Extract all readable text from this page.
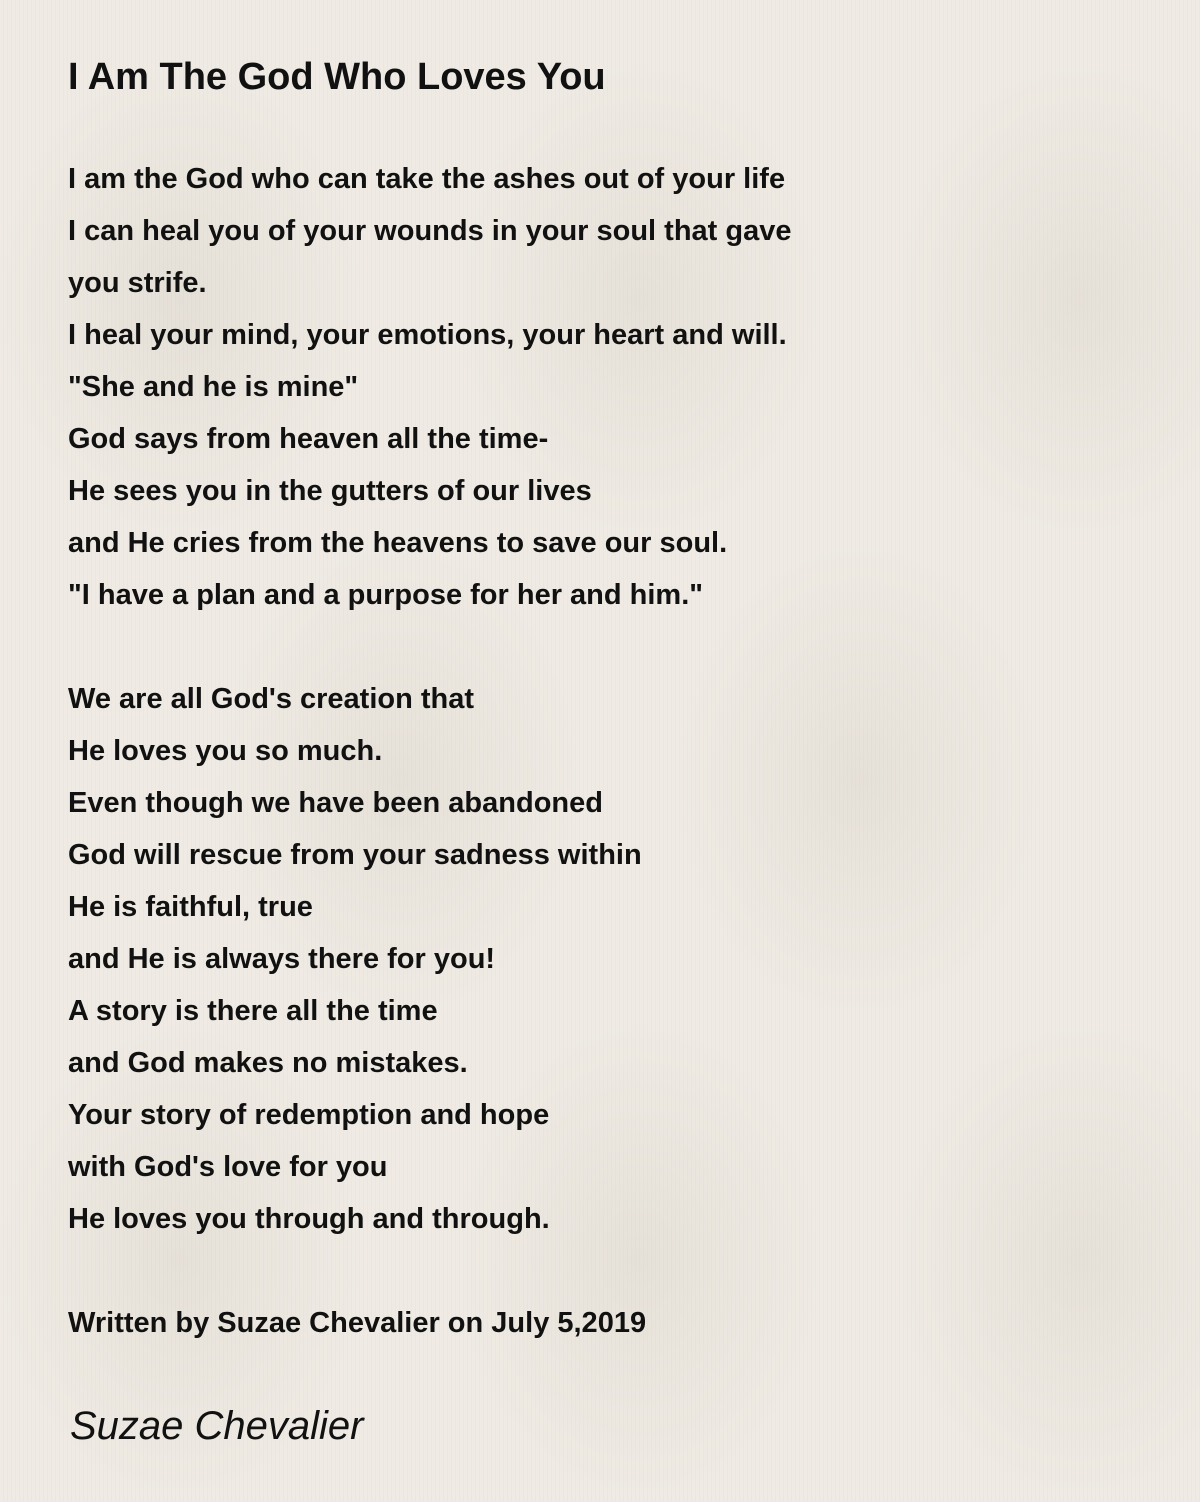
I Am The God Who Loves You
I am the God who can take the ashes out of your life
I can heal you of your wounds in your soul that gave
you strife.
I heal your mind, your emotions, your heart and will.
"She and he is mine"
God says from heaven all the time-
He sees you in the gutters of our lives
and He cries from the heavens to save our soul.
"I have a plan and a purpose for her and him."
We are all God's creation that
He loves you so much.
Even though we have been abandoned
God will rescue from your sadness within
He is faithful, true
and He is always there for you!
A story is there all the time
and God makes no mistakes.
Your story of redemption and hope
with God's love for you
He loves you through and through.
Written by Suzae Chevalier on July 5,2019
Suzae Chevalier
